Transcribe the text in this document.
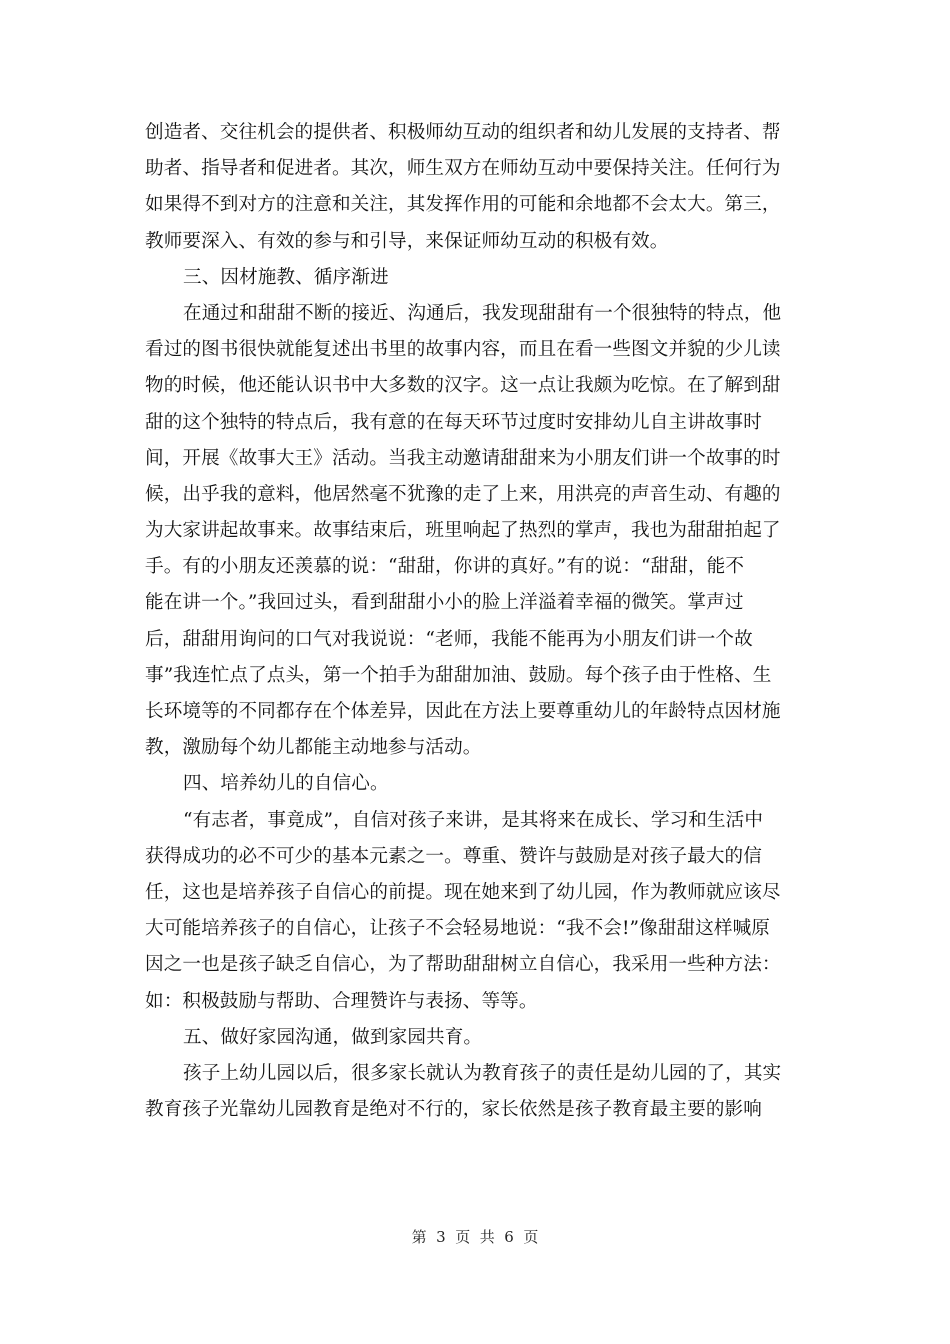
创造者、交往机会的提供者、积极师幼互动的组织者和幼儿发展的支持者、帮
助者、指导者和促进者。其次，师生双方在师幼互动中要保持关注。任何行为
如果得不到对方的注意和关注，其发挥作用的可能和余地都不会太大。第三，
教师要深入、有效的参与和引导，来保证师幼互动的积极有效。
三、因材施教、循序渐进
在通过和甜甜不断的接近、沟通后，我发现甜甜有一个很独特的特点，他
看过的图书很快就能复述出书里的故事内容，而且在看一些图文并貌的少儿读
物的时候，他还能认识书中大多数的汉字。这一点让我颇为吃惊。在了解到甜
甜的这个独特的特点后，我有意的在每天环节过度时安排幼儿自主讲故事时
间，开展《故事大王》活动。当我主动邀请甜甜来为小朋友们讲一个故事的时
候，出乎我的意料，他居然毫不犹豫的走了上来，用洪亮的声音生动、有趣的
为大家讲起故事来。故事结束后，班里响起了热烈的掌声，我也为甜甜拍起了
手。有的小朋友还羡慕的说：“甜甜，你讲的真好。”有的说：“甜甜，能不
能在讲一个。”我回过头，看到甜甜小小的脸上洋溢着幸福的微笑。掌声过
后，甜甜用询问的口气对我说说：“老师，我能不能再为小朋友们讲一个故
事”我连忙点了点头，第一个拍手为甜甜加油、鼓励。每个孩子由于性格、生
长环境等的不同都存在个体差异，因此在方法上要尊重幼儿的年龄特点因材施
教，激励每个幼儿都能主动地参与活动。
四、培养幼儿的自信心。
“有志者，事竟成”，自信对孩子来讲，是其将来在成长、学习和生活中
获得成功的必不可少的基本元素之一。尊重、赞许与鼓励是对孩子最大的信
任，这也是培养孩子自信心的前提。现在她来到了幼儿园，作为教师就应该尽
大可能培养孩子的自信心，让孩子不会轻易地说：“我不会!”像甜甜这样喊原
因之一也是孩子缺乏自信心，为了帮助甜甜树立自信心，我采用一些种方法：
如：积极鼓励与帮助、合理赞许与表扬、等等。
五、做好家园沟通，做到家园共育。
孩子上幼儿园以后，很多家长就认为教育孩子的责任是幼儿园的了，其实
教育孩子光靠幼儿园教育是绝对不行的，家长依然是孩子教育最主要的影响
第  3  页  共  6  页
